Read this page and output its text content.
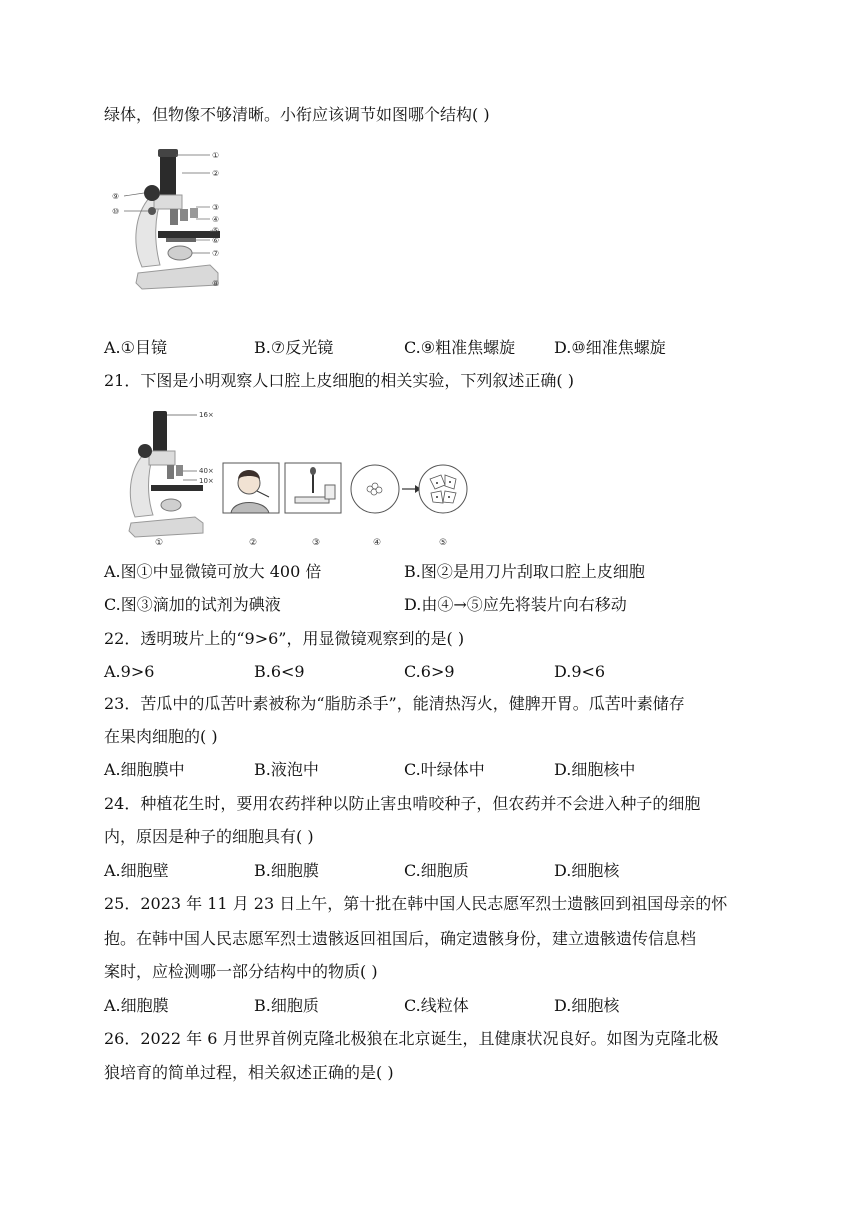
绿体，但物像不够清晰。小衔应该调节如图哪个结构( )
①
②
③
④
⑤
⑥
⑦
⑧
⑨
⑩
A.①目镜	B.⑦反光镜	C.⑨粗准焦螺旋 D.⑩细准焦螺旋
21．下图是小明观察人口腔上皮细胞的相关实验，下列叙述正确( )
16×
40×
10×
①	②	③	④	⑤
A.图①中显微镜可放大 400 倍	B.图②是用刀片刮取口腔上皮细胞
C.图③滴加的试剂为碘液	D.由④→⑤应先将装片向右移动
22．透明玻片上的“9>6”，用显微镜观察到的是( )
A.9>6	B.6<9	C.6>9	D.9<6
23．苦瓜中的瓜苦叶素被称为“脂肪杀手”，能清热泻火，健脾开胃。瓜苦叶素储存
在果肉细胞的( )
A.细胞膜中	B.液泡中	C.叶绿体中	D.细胞核中
24．种植花生时，要用农药拌种以防止害虫啃咬种子，但农药并不会进入种子的细胞
内，原因是种子的细胞具有( )
A.细胞壁	B.细胞膜	C.细胞质	D.细胞核
25．2023 年 11 月 23 日上午，第十批在韩中国人民志愿军烈士遗骸回到祖国母亲的怀
抱。在韩中国人民志愿军烈士遗骸返回祖国后，确定遗骸身份，建立遗骸遗传信息档
案时，应检测哪一部分结构中的物质( )
A.细胞膜	B.细胞质	C.线粒体	D.细胞核
26．2022 年 6 月世界首例克隆北极狼在北京诞生，且健康状况良好。如图为克隆北极
狼培育的简单过程，相关叙述正确的是( )
